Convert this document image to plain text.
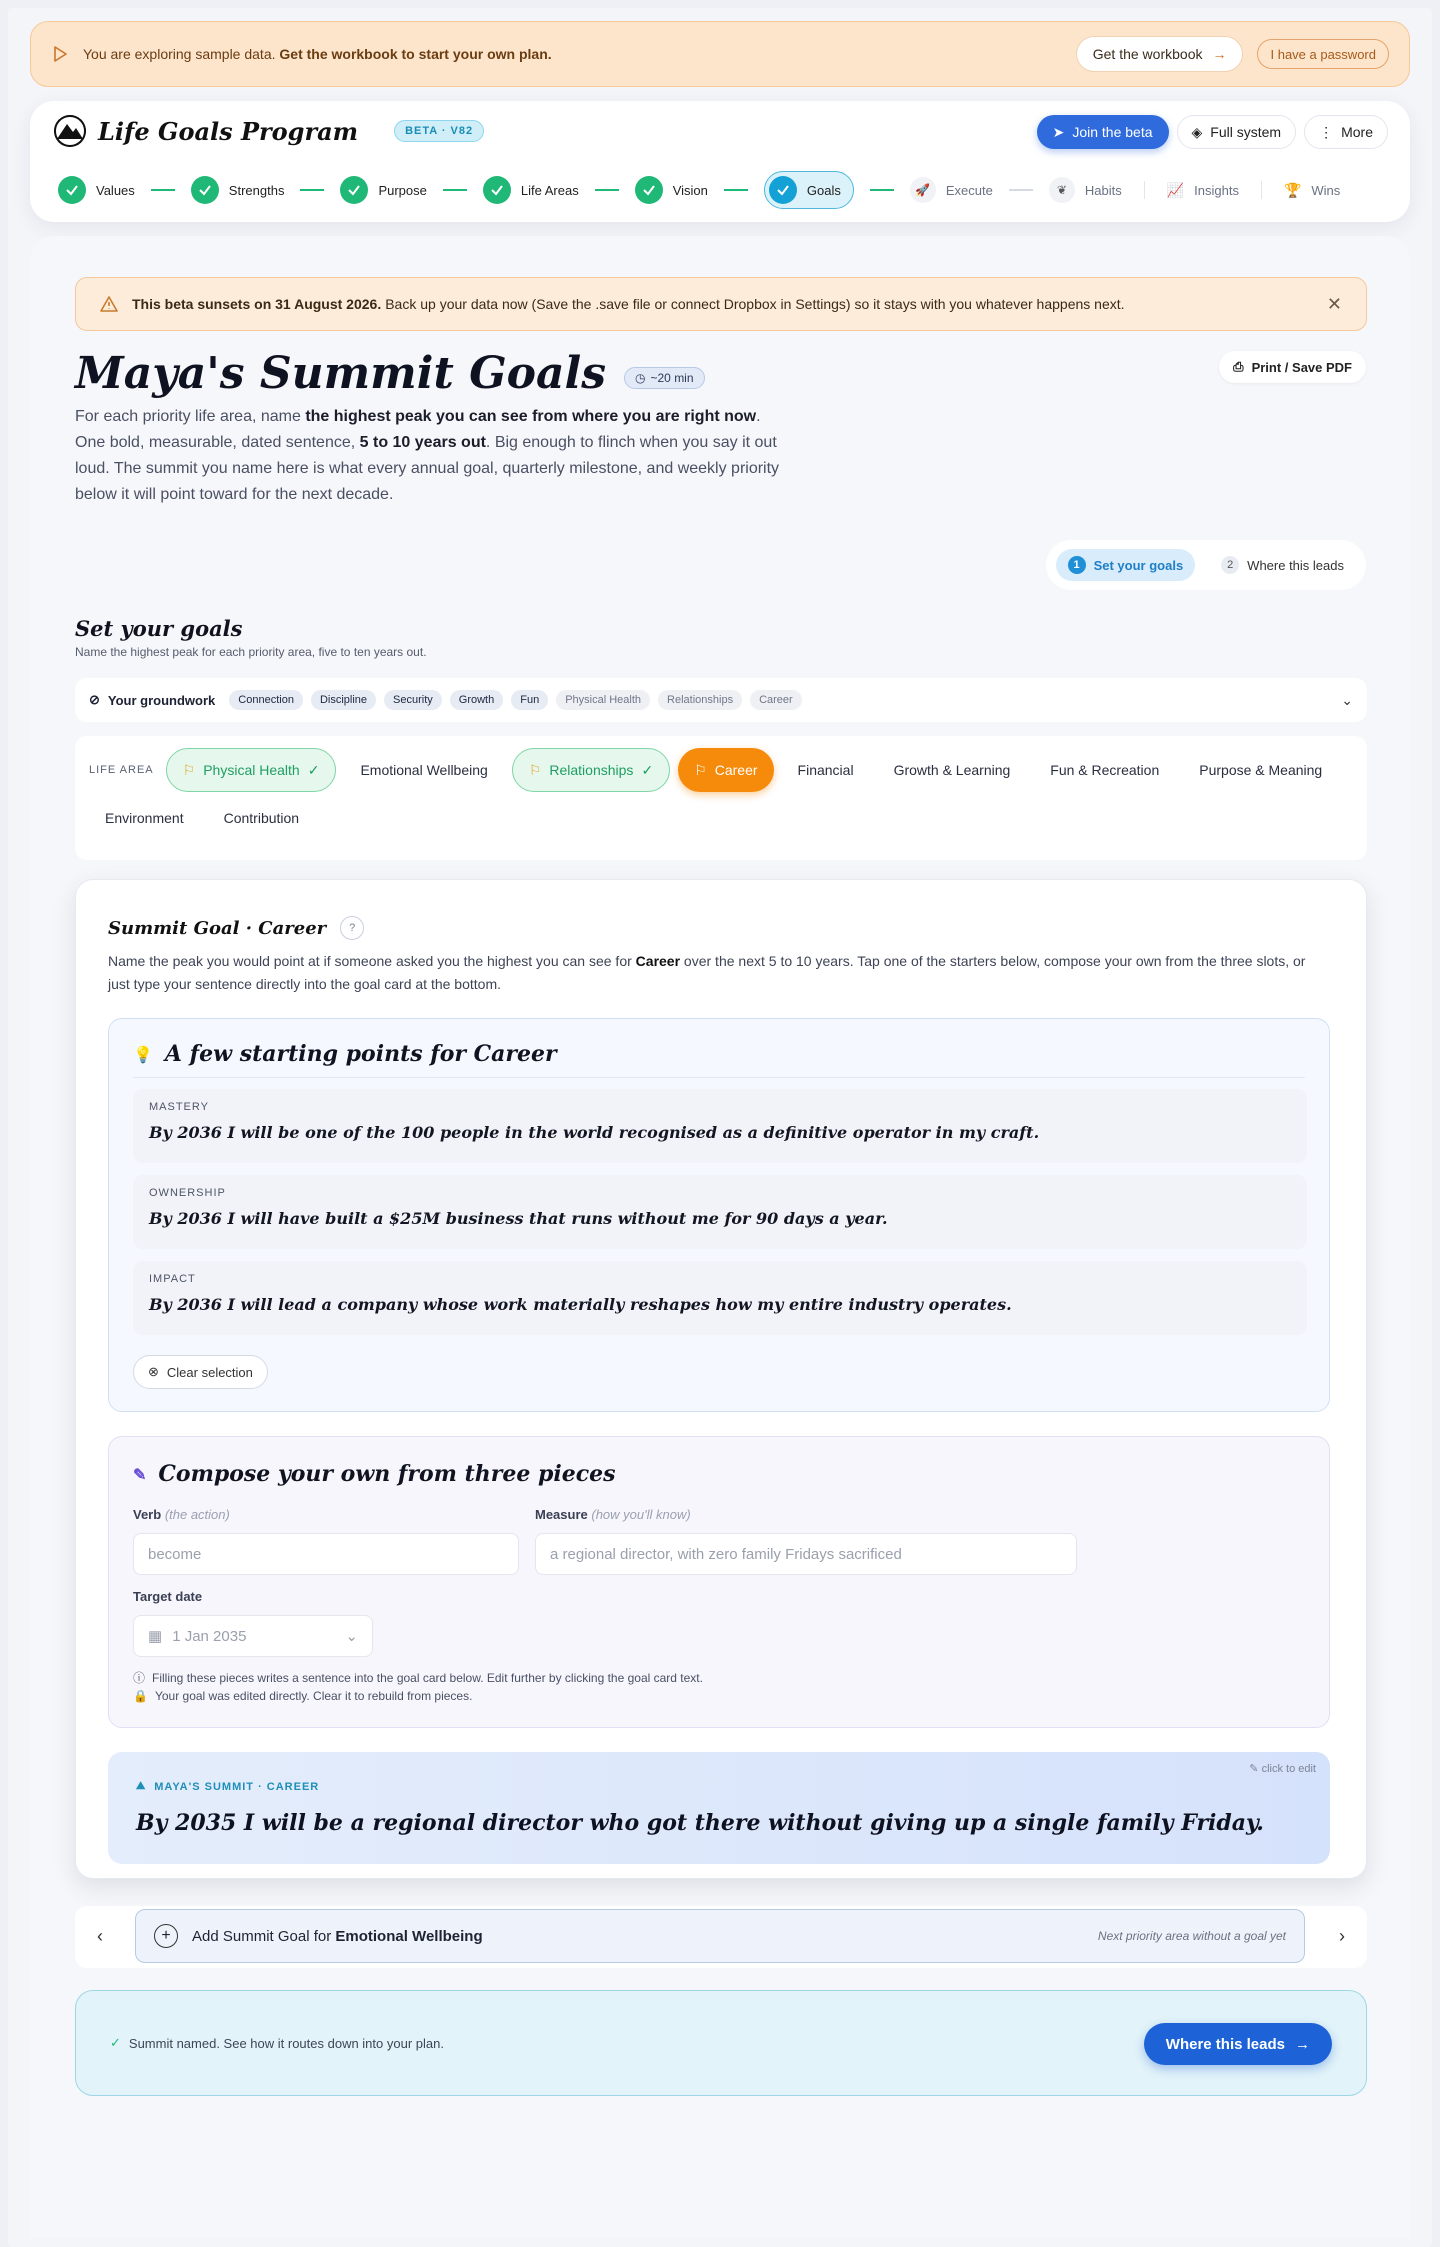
You are exploring sample data. Get the workbook to start your own plan.	Get the workbook →	I have a password
Life Goals Program	BETA · V82	➤ Join the beta	◈ Full system	⋮ More
Values	Strengths	Purpose	Life Areas	Vision	Goals	🚀	Execute	❦	Habits	📈 Insights	🏆 Wins
This beta sunsets on 31 August 2026. Back up your data now (Save the .save file or connect Dropbox in Settings) so it stays with you whatever happens next.	✕
Maya's Summit Goals ◷ ~20 min
⎙ Print / Save PDF

For each priority life area, name the highest peak you can see from where you are right now. One bold, measurable, dated sentence, 5 to 10 years out. Big enough to flinch when you say it out loud. The summit you name here is what every annual goal, quarterly milestone, and weekly priority below it will point toward for the next decade.

1	Set your goals	2	Where this leads
Set your goals

Name the highest peak for each priority area, five to ten years out.

⊘ Your groundwork	Connection	Discipline	Security	Growth	Fun	Physical Health	Relationships	Career	⌄
LIFE AREA ⚐ Physical Health ✓	Emotional Wellbeing	⚐ Relationships ✓	⚐ Career	Financial	Growth & Learning	Fun & Recreation	Purpose & Meaning
Environment	Contribution
Summit Goal · Career	?

Name the peak you would point at if someone asked you the highest you can see for Career over the next 5 to 10 years. Tap one of the starters below, compose your own from the three slots, or just type your sentence directly into the goal card at the bottom.

💡 A few starting points for Career
MASTERY
By 2036 I will be one of the 100 people in the world recognised as a definitive operator in my craft.
OWNERSHIP
By 2036 I will have built a $25M business that runs without me for 90 days a year.
IMPACT
By 2036 I will lead a company whose work materially reshapes how my entire industry operates.
⊗ Clear selection
✎ Compose your own from three pieces
Verb (the action)
become
Measure (how you'll know)
a regional director, with zero family Fridays sacrificed
Target date
▦ 1 Jan 2035	⌄
ⓘ Filling these pieces writes a sentence into the goal card below. Edit further by clicking the goal card text.
🔒 Your goal was edited directly. Clear it to rebuild from pieces.
✎ click to edit
⛰ MAYA'S SUMMIT · CAREER
By 2035 I will be a regional director who got there without giving up a single family Friday.
‹	+	Add Summit Goal for Emotional Wellbeing	Next priority area without a goal yet	›
✓ Summit named. See how it routes down into your plan.	Where this leads →
